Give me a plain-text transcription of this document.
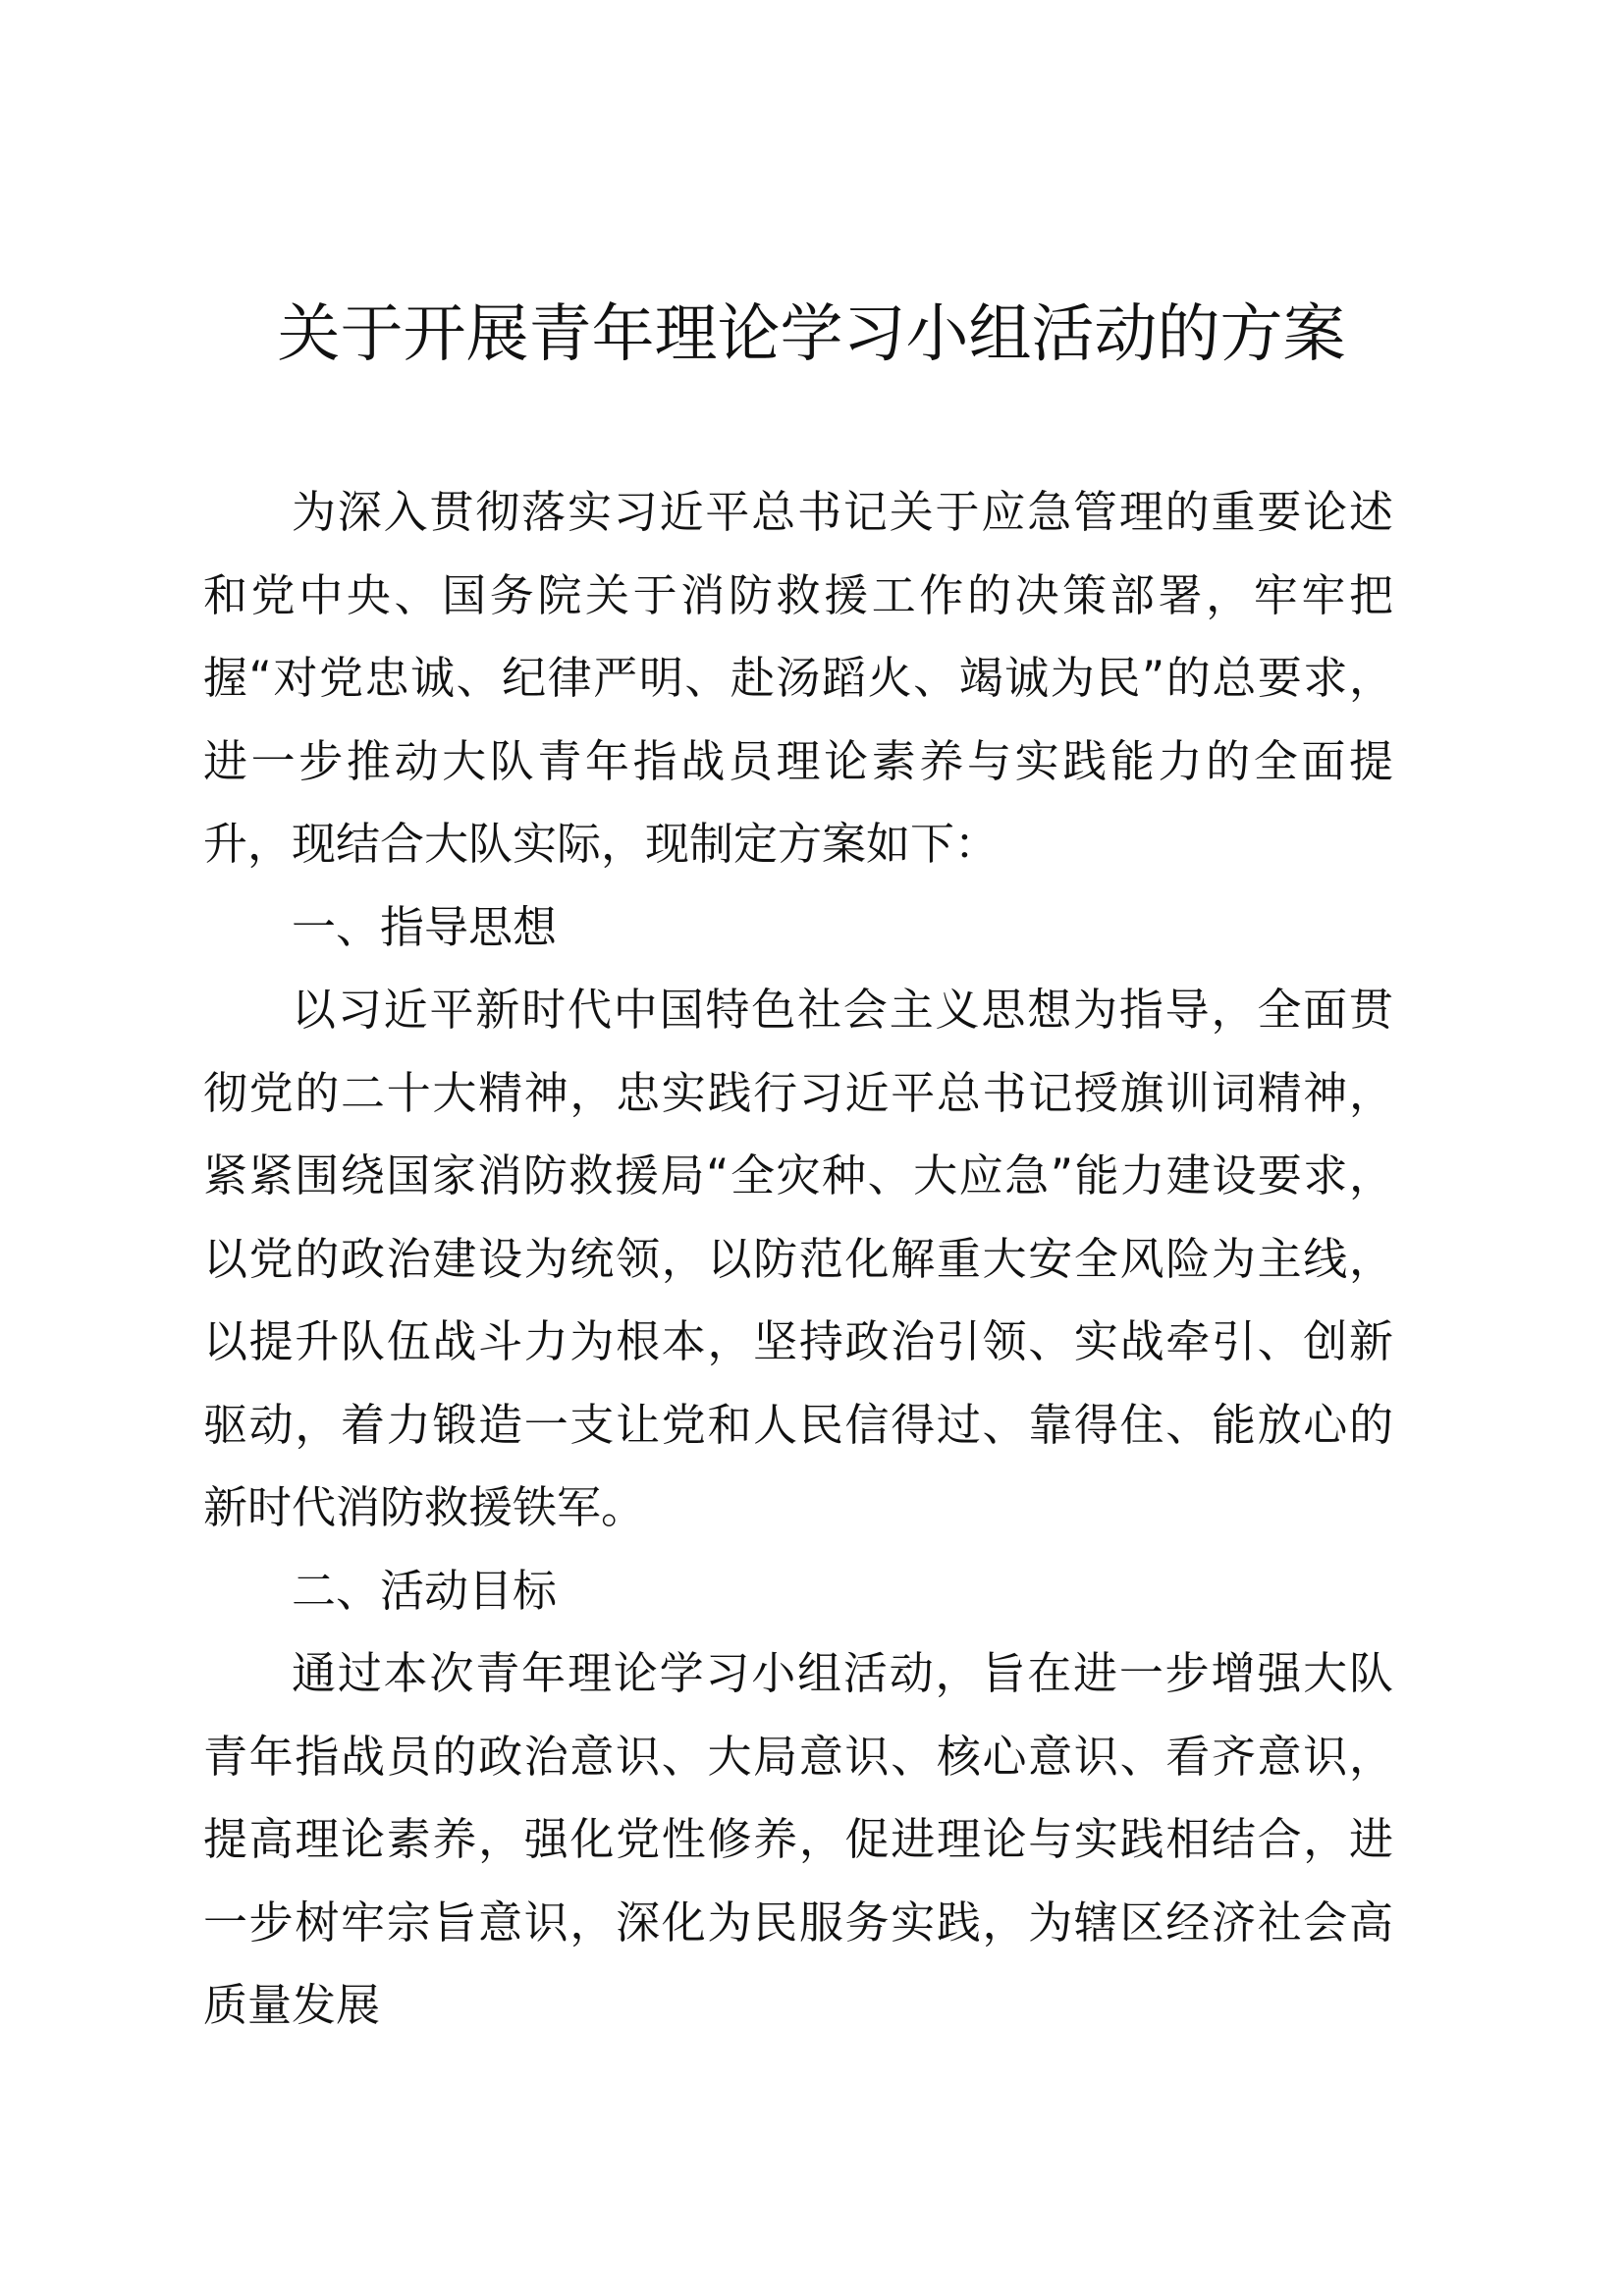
关于开展青年理论学习小组活动的方案

为深入贯彻落实习近平总书记关于应急管理的重要论述和党中央、国务院关于消防救援工作的决策部署，牢牢把握“对党忠诚、纪律严明、赴汤蹈火、竭诚为民”的总要求，进一步推动大队青年指战员理论素养与实践能力的全面提升，现结合大队实际，现制定方案如下：

一、指导思想

以习近平新时代中国特色社会主义思想为指导，全面贯彻党的二十大精神，忠实践行习近平总书记授旗训词精神，紧紧围绕国家消防救援局“全灾种、大应急”能力建设要求，以党的政治建设为统领，以防范化解重大安全风险为主线，以提升队伍战斗力为根本，坚持政治引领、实战牵引、创新驱动，着力锻造一支让党和人民信得过、靠得住、能放心的新时代消防救援铁军。

二、活动目标

通过本次青年理论学习小组活动，旨在进一步增强大队青年指战员的政治意识、大局意识、核心意识、看齐意识，提高理论素养，强化党性修养，促进理论与实践相结合，进一步树牢宗旨意识，深化为民服务实践，为辖区经济社会高质量发展
